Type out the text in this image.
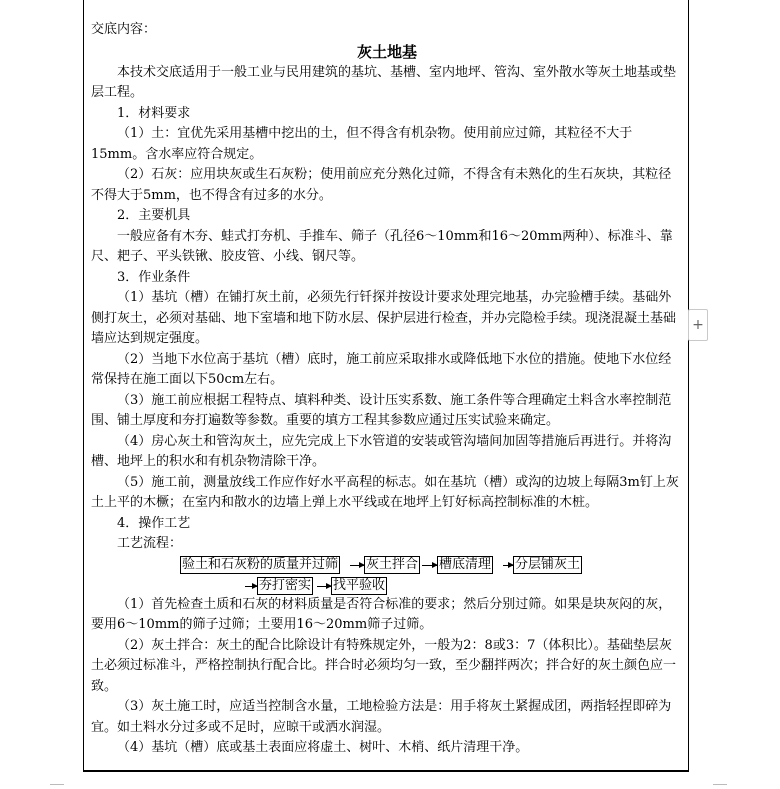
交底内容：

灰土地基

本技术交底适用于一般工业与民用建筑的基坑、基槽、室内地坪、管沟、室外散水等灰土地基或垫层工程。

1．材料要求

（1）土：宜优先采用基槽中挖出的土，但不得含有机杂物。使用前应过筛，其粒径不大于15mm。含水率应符合规定。

（2）石灰：应用块灰或生石灰粉；使用前应充分熟化过筛，不得含有未熟化的生石灰块，其粒径不得大于5mm，也不得含有过多的水分。

2．主要机具

一般应备有木夯、蛙式打夯机、手推车、筛子（孔径6～10mm和16～20mm两种）、标准斗、靠尺、耙子、平头铁锹、胶皮管、小线、钢尺等。

3．作业条件

（1）基坑（槽）在铺打灰土前，必须先行钎探并按设计要求处理完地基，办完验槽手续。基础外侧打灰土，必须对基础、地下室墙和地下防水层、保护层进行检查，并办完隐检手续。现浇混凝土基础墙应达到规定强度。

（2）当地下水位高于基坑（槽）底时，施工前应采取排水或降低地下水位的措施。使地下水位经常保持在施工面以下50cm左右。

（3）施工前应根据工程特点、填料种类、设计压实系数、施工条件等合理确定土料含水率控制范围、铺土厚度和夯打遍数等参数。重要的填方工程其参数应通过压实试验来确定。

（4）房心灰土和管沟灰土，应先完成上下水管道的安装或管沟墙间加固等措施后再进行。并将沟槽、地坪上的积水和有机杂物清除干净。

（5）施工前，测量放线工作应作好水平高程的标志。如在基坑（槽）或沟的边坡上每隔3m钉上灰土上平的木橛；在室内和散水的边墙上弹上水平线或在地坪上钉好标高控制标准的木桩。

4．操作工艺

工艺流程：

验土和石灰粉的质量并过筛 灰土拌合 槽底清理 分层铺灰土
夯打密实 找平验收

（1）首先检查土质和石灰的材料质量是否符合标准的要求；然后分别过筛。如果是块灰闷的灰，要用6～10mm的筛子过筛；土要用16～20mm筛子过筛。

（2）灰土拌合：灰土的配合比除设计有特殊规定外，一般为2：8或3：7（体积比）。基础垫层灰土必须过标准斗，严格控制执行配合比。拌合时必须均匀一致，至少翻拌两次；拌合好的灰土颜色应一致。

（3）灰土施工时，应适当控制含水量，工地检验方法是：用手将灰土紧握成团，两指轻捏即碎为宜。如土料水分过多或不足时，应晾干或洒水润湿。

（4）基坑（槽）底或基土表面应将虚土、树叶、木梢、纸片清理干净。

+
